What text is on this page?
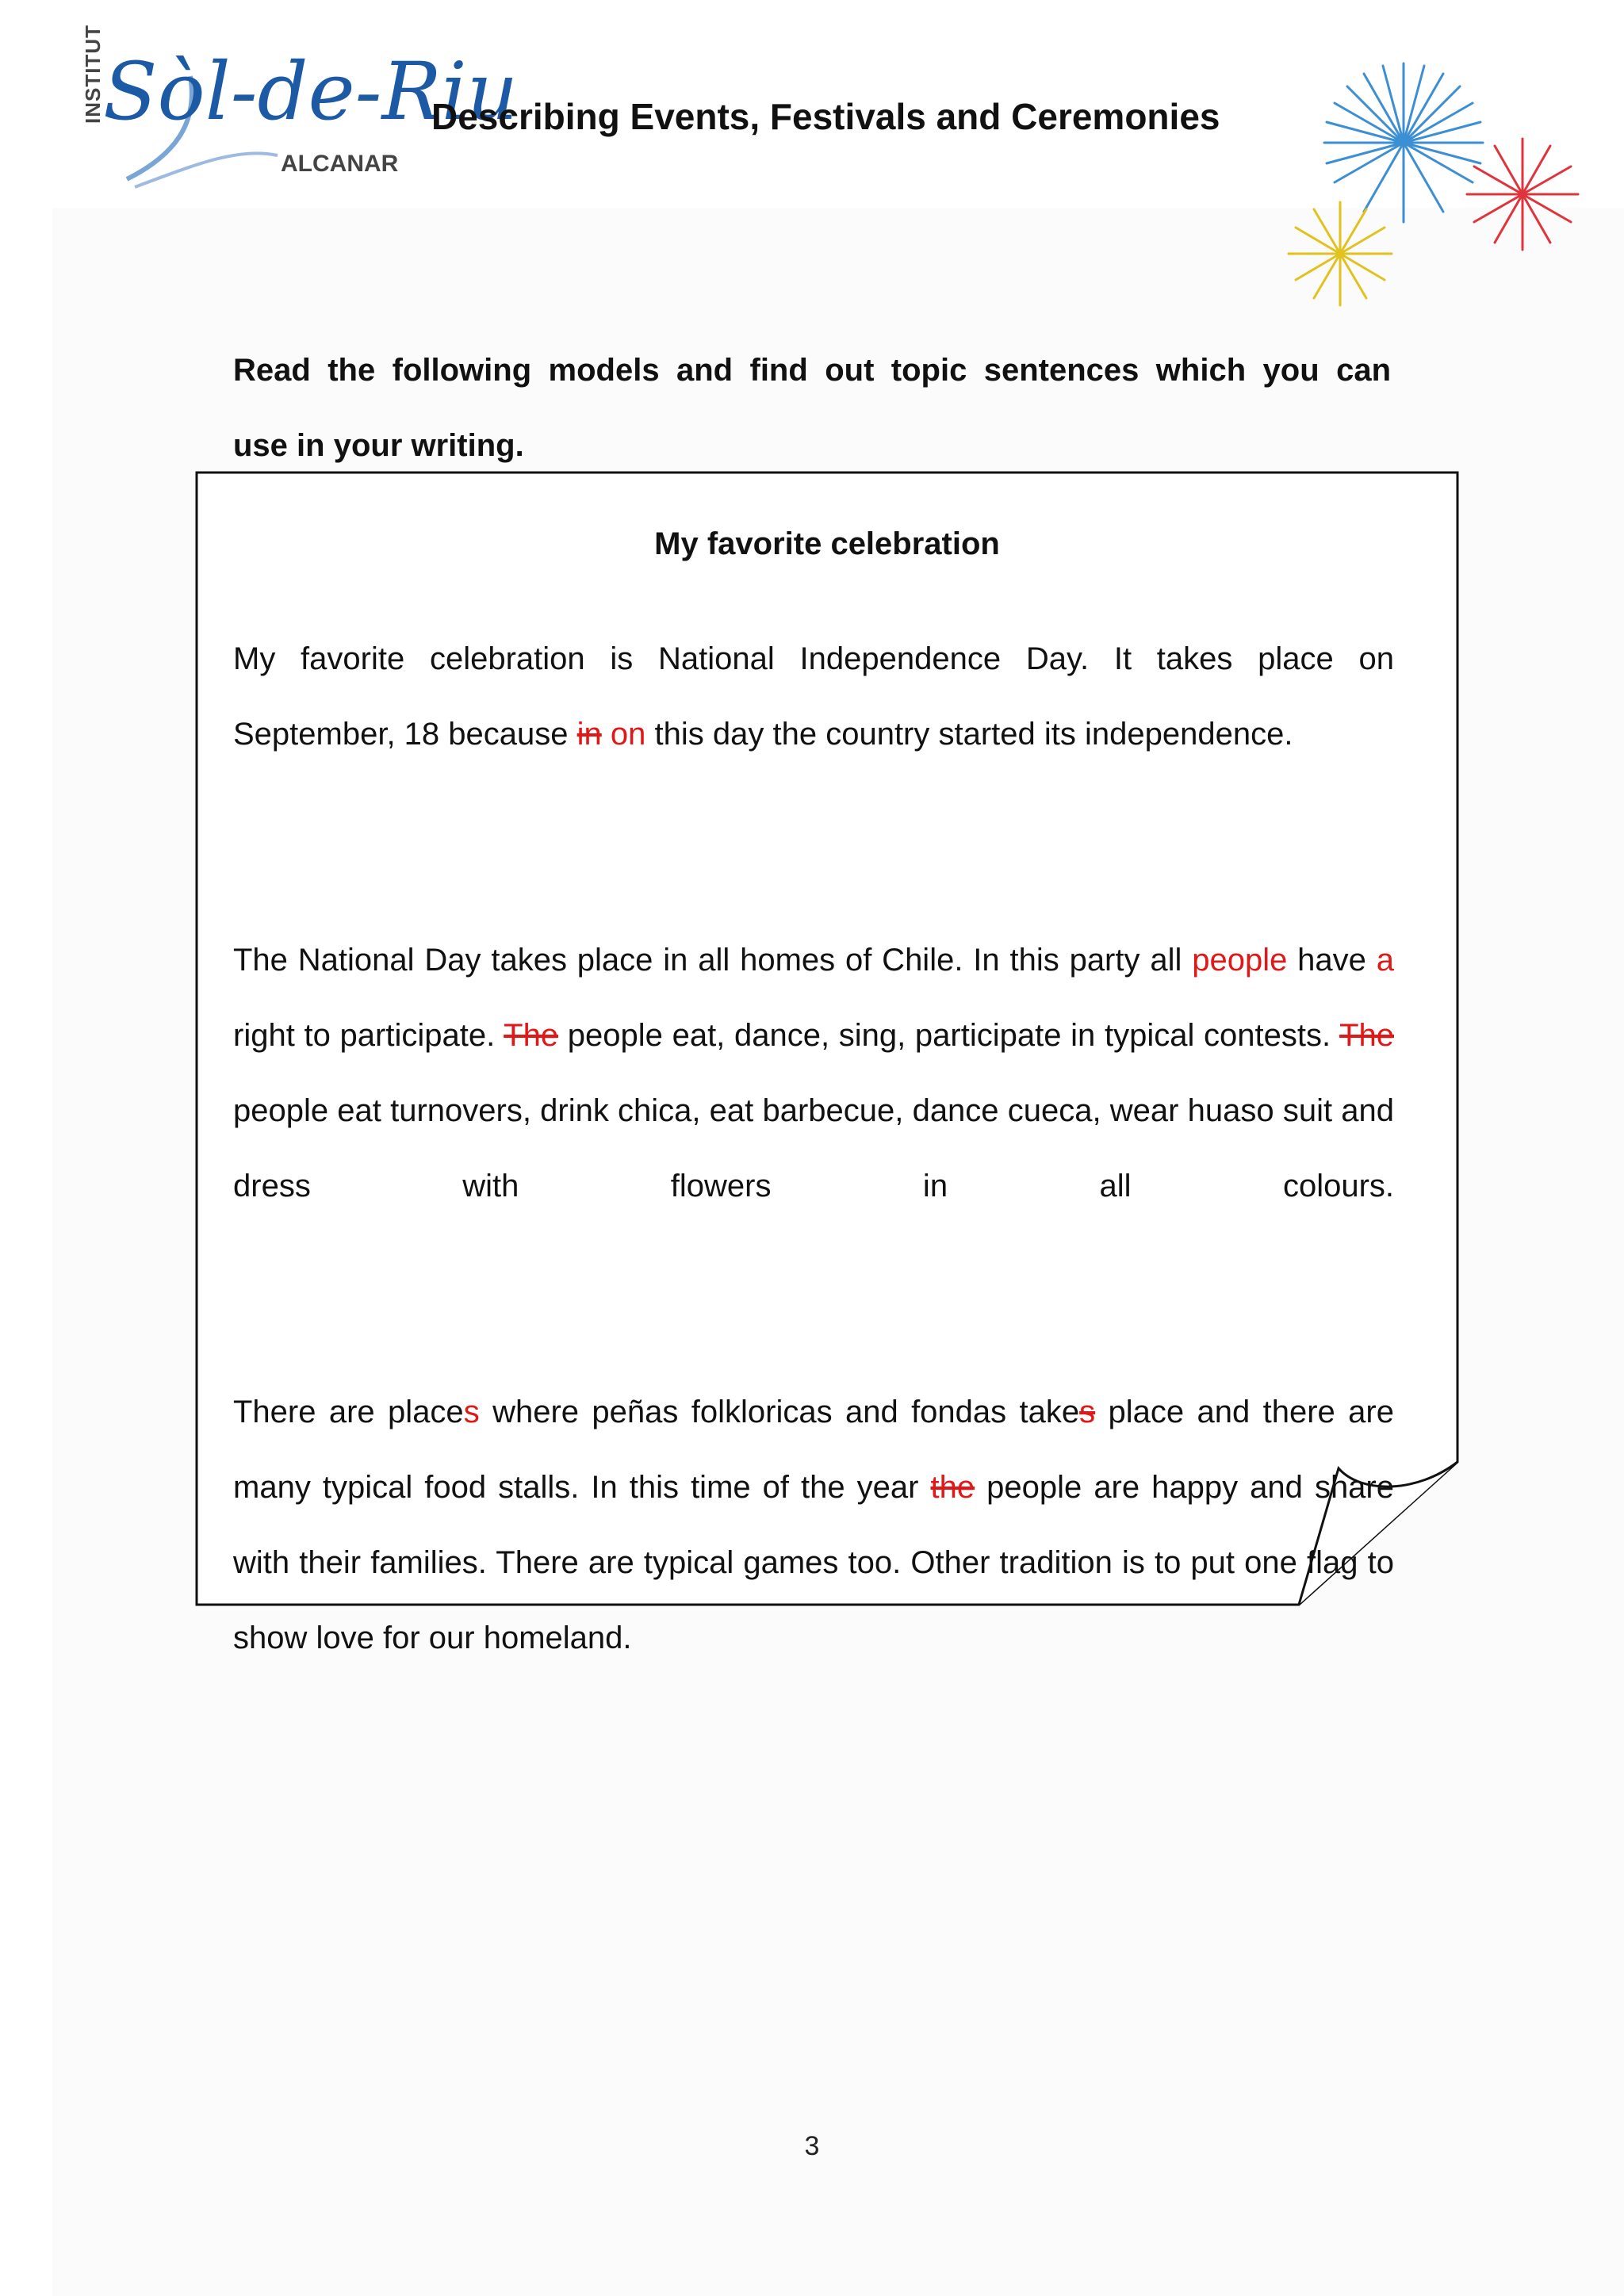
INSTITUT
Sòl-de-Riu
ALCANAR
Describing Events, Festivals and Ceremonies
Read the following models and find out topic sentences which you can
use in your writing.
My favorite celebration
My favorite celebration is National Independence Day. It takes place on September, 18 because in on this day the country started its independence.
The National Day takes place in all homes of Chile. In this party all people have a right to participate. The people eat, dance, sing, participate in typical contests. The people eat turnovers, drink chica, eat barbecue, dance cueca, wear huaso suit and dress with flowers in all colours.
There are places where peñas folkloricas and fondas takes place and there are many typical food stalls. In this time of the year the people are happy and share with their families. There are typical games too. Other tradition is to put one flag to show love for our homeland.
3
